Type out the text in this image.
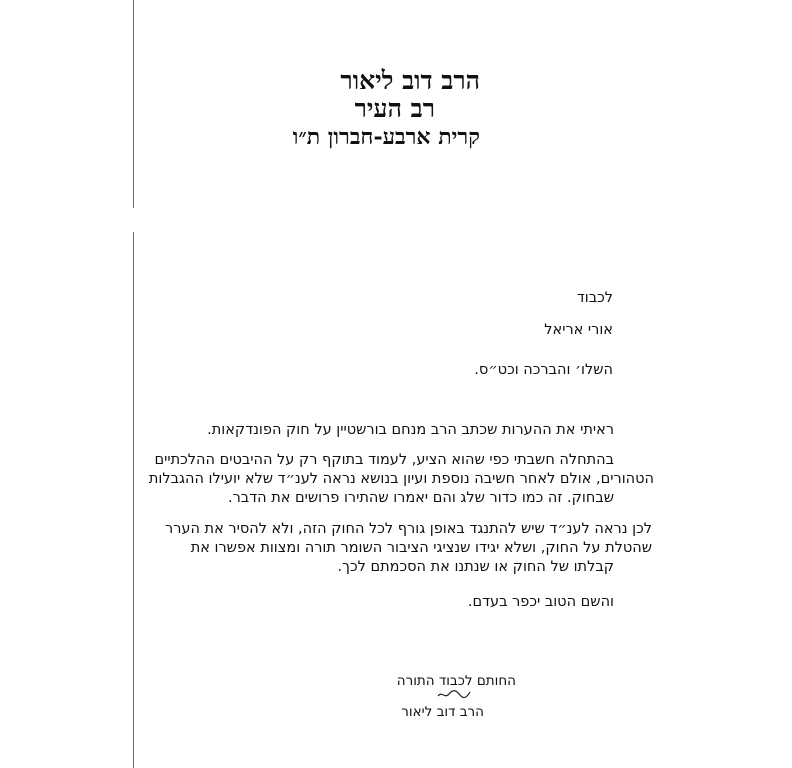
הרב דוב ליאור
רב העיר
קרית ארבע-חברון ת״ו
לכבוד
אורי אריאל
השלו׳ והברכה וכט״ס.
ראיתי את ההערות שכתב הרב מנחם בורשטיין על חוק הפונדקאות.
בהתחלה חשבתי כפי שהוא הציע, לעמוד בתוקף רק על ההיבטים ההלכתיים
הטהורים, אולם לאחר חשיבה נוספת ועיון בנושא נראה לענ״ד שלא יועילו ההגבלות
שבחוק. זה כמו כדור שלג והם יאמרו שהתירו פרושים את הדבר.
לכן נראה לענ״ד שיש להתנגד באופן גורף לכל החוק הזה, ולא להסיר את הערר
שהטלת על החוק, ושלא יגידו שנציגי הציבור השומר תורה ומצוות אפשרו את
קבלתו של החוק או שנתנו את הסכמתם לכך.
והשם הטוב יכפר בעדם.
החותם לכבוד התורה
הרב דוב ליאור
